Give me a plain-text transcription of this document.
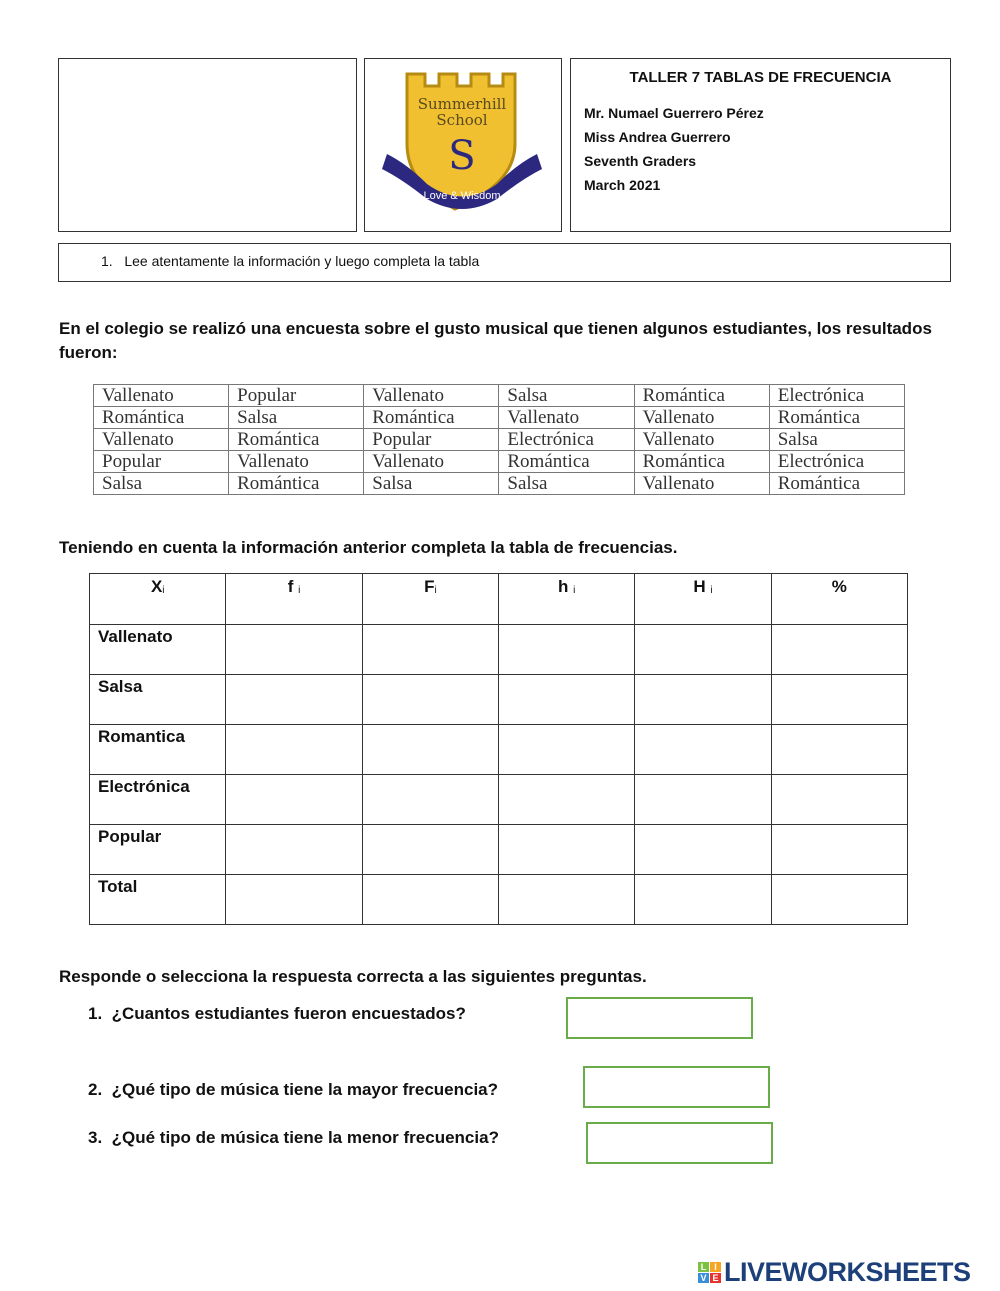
Summerhill
School
S
Love & Wisdom
TALLER 7 TABLAS DE FRECUENCIA
Mr. Numael Guerrero Pérez
Miss Andrea Guerrero
Seventh Graders
March 2021
1.   Lee atentamente la información y luego completa la tabla
En el colegio se realizó una encuesta sobre el gusto musical que tienen algunos estudiantes, los resultados fueron:
Vallenato	Popular	Vallenato	Salsa	Romántica	Electrónica
Romántica	Salsa	Romántica	Vallenato	Vallenato	Romántica
Vallenato	Romántica	Popular	Electrónica	Vallenato	Salsa
Popular	Vallenato	Vallenato	Romántica	Romántica	Electrónica
Salsa	Romántica	Salsa	Salsa	Vallenato	Romántica
Teniendo en cuenta la información anterior completa la tabla de frecuencias.
$X_i$	f $_i$	$F_i$	h $_i$	H $_i$	%
Vallenato					
Salsa					
Romantica					
Electrónica					
Popular					
Total					
Responde o selecciona la respuesta correcta a las siguientes preguntas.
1.  ¿Cuantos estudiantes fueron encuestados?
2.  ¿Qué tipo de música tiene la mayor frecuencia?
3.  ¿Qué tipo de música tiene la menor frecuencia?
L I
V E LIVEWORKSHEETS
